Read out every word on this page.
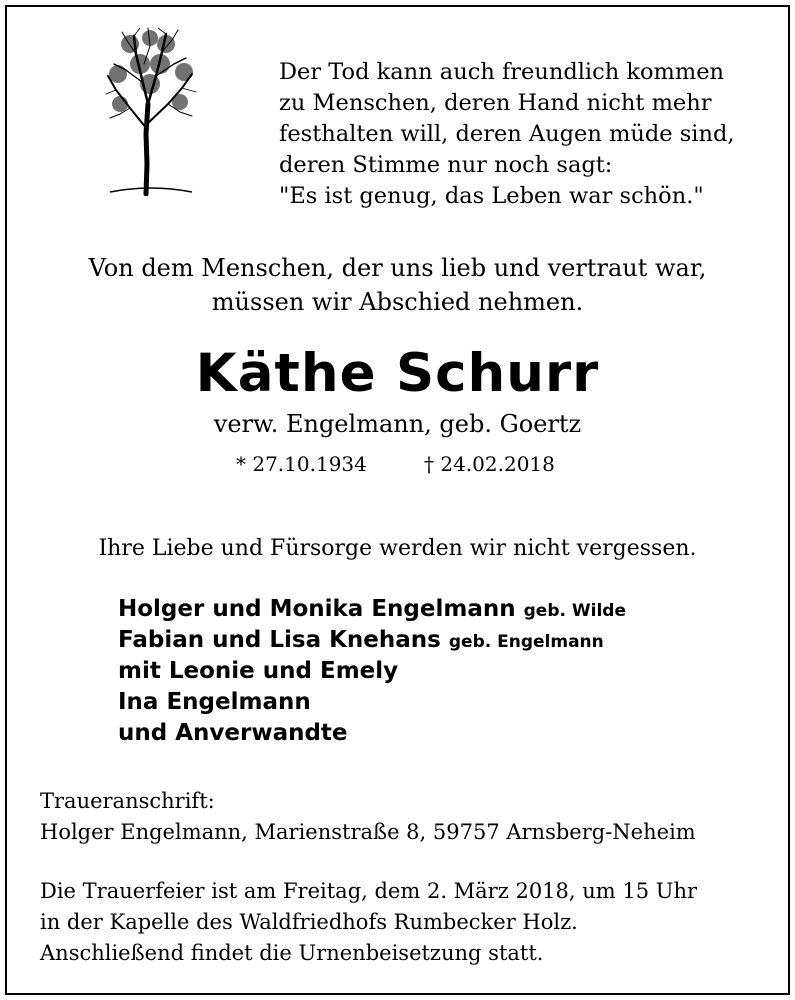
Der Tod kann auch freundlich kommen
zu Menschen, deren Hand nicht mehr
festhalten will, deren Augen müde sind,
deren Stimme nur noch sagt:
"Es ist genug, das Leben war schön."
Von dem Menschen, der uns lieb und vertraut war,
müssen wir Abschied nehmen.
Käthe Schurr
verw. Engelmann, geb. Goertz
* 27.10.1934	† 24.02.2018
Ihre Liebe und Fürsorge werden wir nicht vergessen.
Holger und Monika Engelmann geb. Wilde
Fabian und Lisa Knehans geb. Engelmann
mit Leonie und Emely
Ina Engelmann
und Anverwandte
Traueranschrift:
Holger Engelmann, Marienstraße 8, 59757 Arnsberg-Neheim
Die Trauerfeier ist am Freitag, dem 2. März 2018, um 15 Uhr
in der Kapelle des Waldfriedhofs Rumbecker Holz.
Anschließend findet die Urnenbeisetzung statt.
